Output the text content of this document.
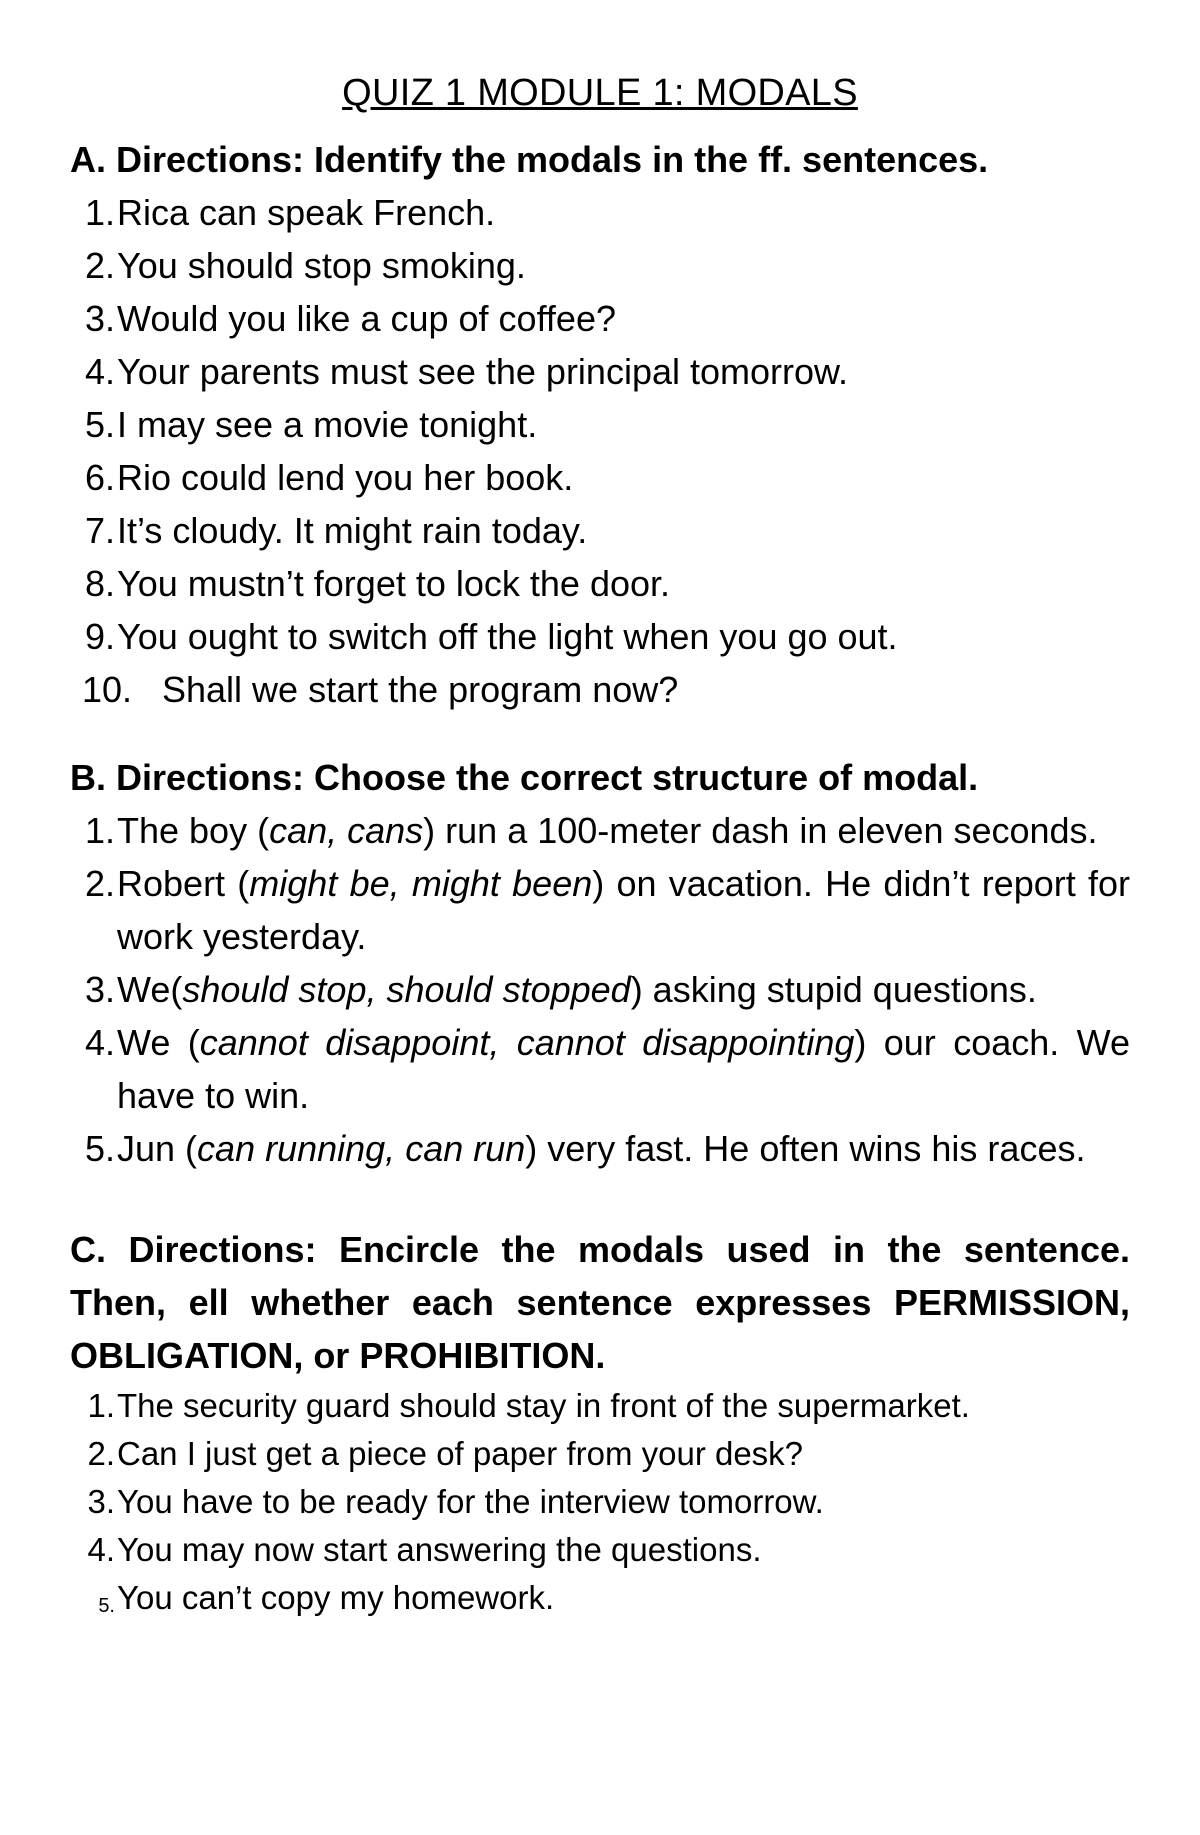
QUIZ 1 MODULE 1: MODALS

A. Directions: Identify the modals in the ff. sentences.

1. Rica can speak French.
2. You should stop smoking.
3. Would you like a cup of coffee?
4. Your parents must see the principal tomorrow.
5. I may see a movie tonight.
6. Rio could lend you her book.
7. It’s cloudy. It might rain today.
8. You mustn’t forget to lock the door.
9. You ought to switch off the light when you go out.
10. Shall we start the program now?

B. Directions: Choose the correct structure of modal.

1. The boy (can, cans) run a 100-meter dash in eleven seconds.
2. Robert (might be, might been) on vacation. He didn’t report for work yesterday.
3. We(should stop, should stopped) asking stupid questions.
4. We (cannot disappoint, cannot disappointing) our coach. We have to win.
5. Jun (can running, can run) very fast. He often wins his races.

C. Directions: Encircle the modals used in the sentence. Then, ell whether each sentence expresses PERMISSION, OBLIGATION, or PROHIBITION.

1. The security guard should stay in front of the supermarket.
2. Can I just get a piece of paper from your desk?
3. You have to be ready for the interview tomorrow.
4. You may now start answering the questions.
5. You can’t copy my homework.
